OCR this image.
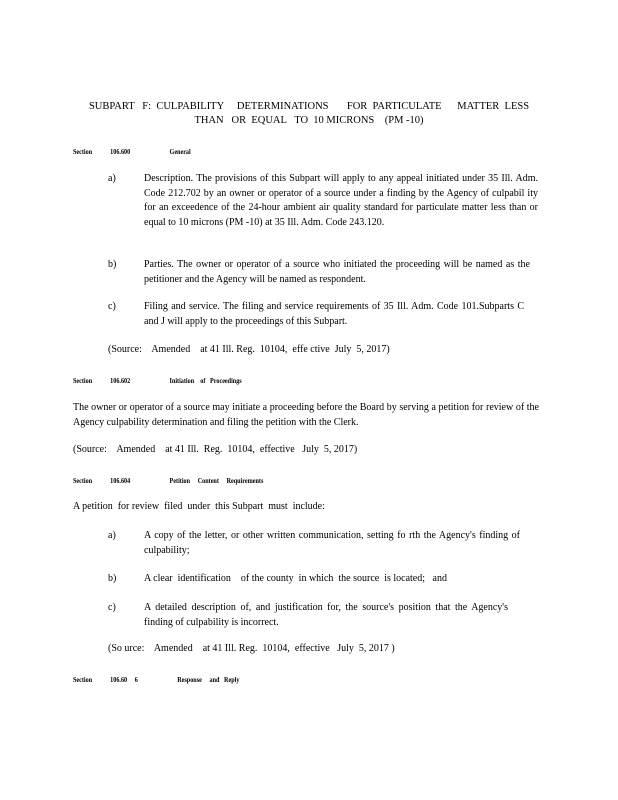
SUBPART   F:  CULPABILITY     DETERMINATIONS       FOR  PARTICULATE      MATTER  LESS
THAN   OR  EQUAL   TO  10 MICRONS    (PM -10)
Section 106.600	General
a)	Description. The provisions of this Subpart will apply to any appeal initiated under 35 Ill. Adm. Code 212.702 by an owner or operator of a source under a finding by the Agency of culpabil ity for an exceedence of the 24-hour ambient air quality standard for particulate matter less than or equal to 10 microns (PM -10) at 35 Ill. Adm. Code 243.120.
b)	Parties. The owner or operator of a source who initiated the proceeding will be named as the petitioner and the Agency will be named as respondent.
c)	Filing and service. The filing and service requirements of 35 Ill. Adm. Code 101.Subparts C and J will apply to the proceedings of this Subpart.
(Source:    Amended    at 41 Ill. Reg.  10104,  effe ctive  July  5, 2017)
Section 106.602	Initiation    of   Proceedings
The owner or operator of a source may initiate a proceeding before the Board by serving a petition for review of the Agency culpability determination and filing the petition with the Clerk.
(Source:    Amended    at 41 Ill.  Reg.  10104,  effective   July  5, 2017)
Section 106.604	Petition     Content     Requirements
A petition  for review  filed  under  this Subpart  must  include:
a)	A copy of the letter, or other written communication, setting fo rth the Agency's finding of culpability;
b)	A clear  identification    of the county  in which  the source  is located;   and
c)	A detailed description of, and justification for, the source's position that the Agency's finding of culpability is incorrect.
(So urce:    Amended    at 41 Ill. Reg.  10104,  effective   July  5, 2017 )
Section 106.60     6	Response     and   Reply
